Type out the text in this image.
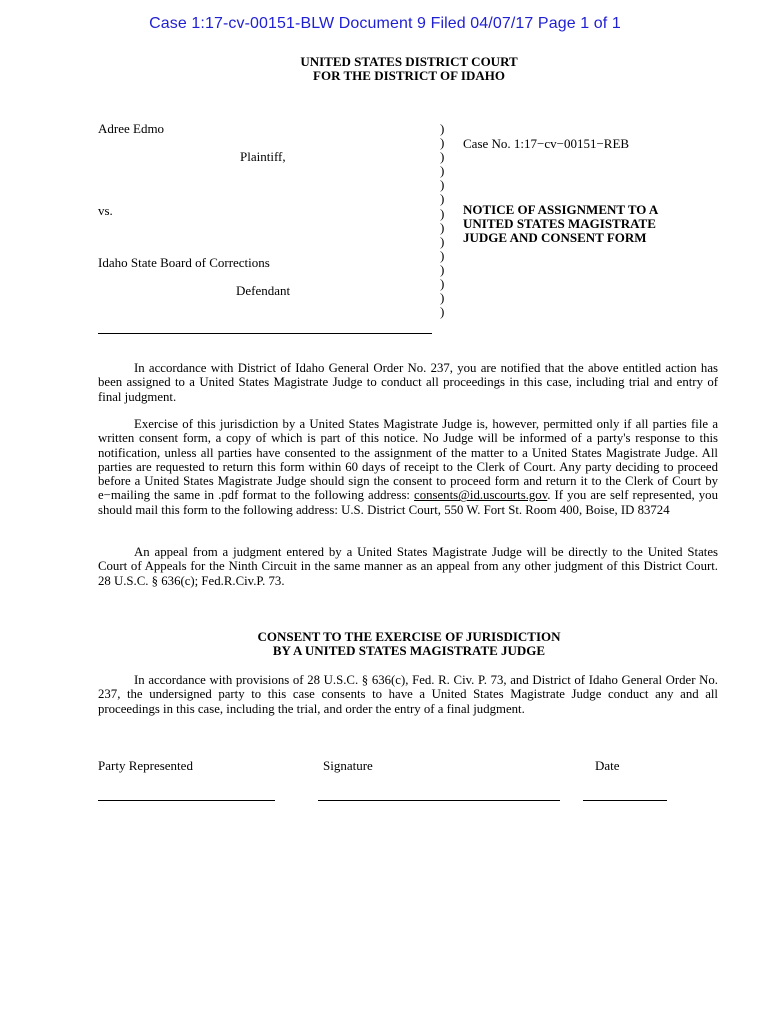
Case 1:17-cv-00151-BLW Document 9 Filed 04/07/17 Page 1 of 1
UNITED STATES DISTRICT COURT
FOR THE DISTRICT OF IDAHO
Adree Edmo
Plaintiff,
vs.
Idaho State Board of Corrections
Defendant
)
)
)
)
)
)
)
)
)
)
)
)
)
)
Case No. 1:17−cv−00151−REB
NOTICE OF ASSIGNMENT TO A
UNITED STATES MAGISTRATE
JUDGE AND CONSENT FORM
In accordance with District of Idaho General Order No. 237, you are notified that the above entitled action has been assigned to a United States Magistrate Judge to conduct all proceedings in this case, including trial and entry of final judgment.
Exercise of this jurisdiction by a United States Magistrate Judge is, however, permitted only if all parties file a written consent form, a copy of which is part of this notice. No Judge will be informed of a party's response to this notification, unless all parties have consented to the assignment of the matter to a United States Magistrate Judge. All parties are requested to return this form within 60 days of receipt to the Clerk of Court. Any party deciding to proceed before a United States Magistrate Judge should sign the consent to proceed form and return it to the Clerk of Court by e−mailing the same in .pdf format to the following address: consents@id.uscourts.gov. If you are self represented, you should mail this form to the following address: U.S. District Court, 550 W. Fort St. Room 400, Boise, ID 83724
An appeal from a judgment entered by a United States Magistrate Judge will be directly to the United States Court of Appeals for the Ninth Circuit in the same manner as an appeal from any other judgment of this District Court. 28 U.S.C. § 636(c); Fed.R.Civ.P. 73.
CONSENT TO THE EXERCISE OF JURISDICTION
BY A UNITED STATES MAGISTRATE JUDGE
In accordance with provisions of 28 U.S.C. § 636(c), Fed. R. Civ. P. 73, and District of Idaho General Order No. 237, the undersigned party to this case consents to have a United States Magistrate Judge conduct any and all proceedings in this case, including the trial, and order the entry of a final judgment.
Party Represented	Signature	Date
